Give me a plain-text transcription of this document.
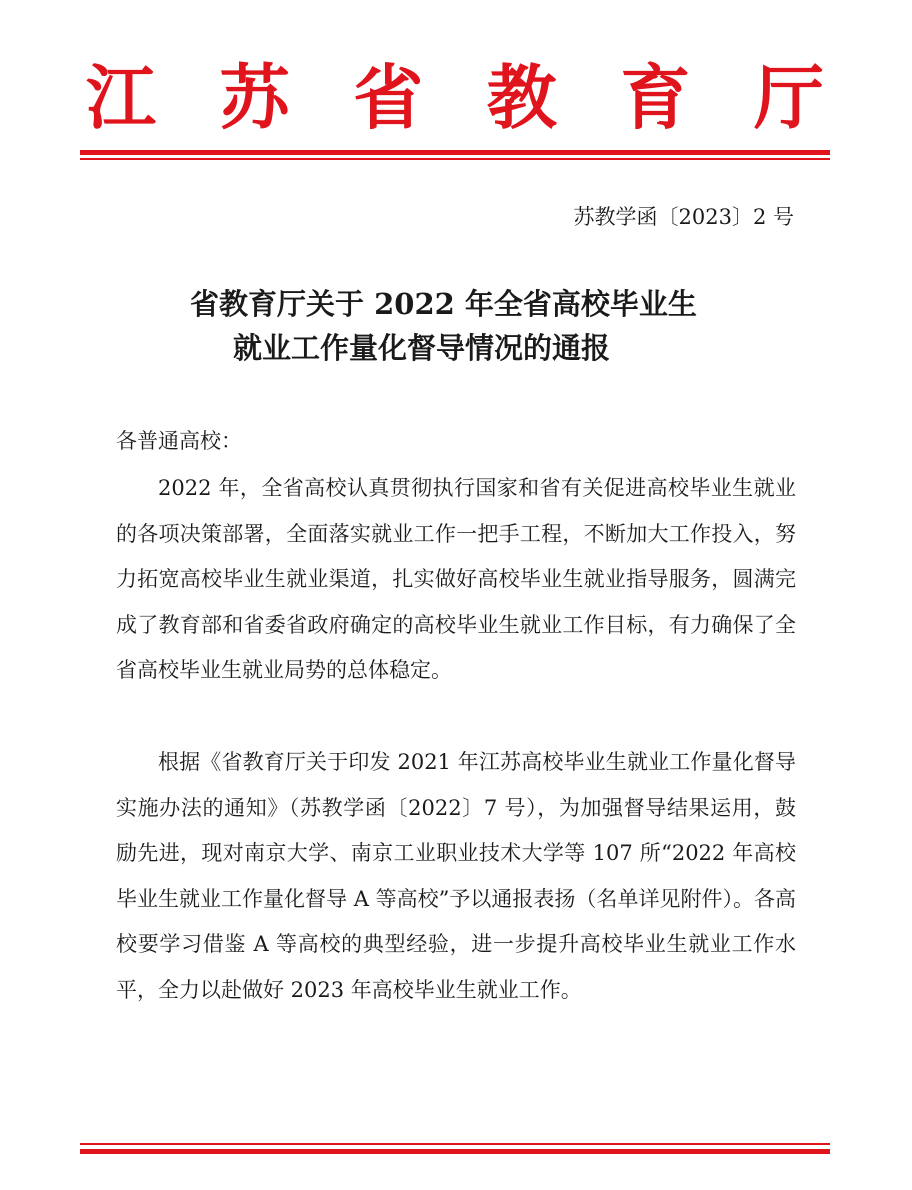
江 苏 省 教 育 厅
苏教学函〔2023〕2 号
省教育厅关于 2022 年全省高校毕业生
就业工作量化督导情况的通报
各普通高校：

2022 年，全省高校认真贯彻执行国家和省有关促进高校毕业生就业的各项决策部署，全面落实就业工作一把手工程，不断加大工作投入，努力拓宽高校毕业生就业渠道，扎实做好高校毕业生就业指导服务，圆满完成了教育部和省委省政府确定的高校毕业生就业工作目标，有力确保了全省高校毕业生就业局势的总体稳定。

根据《省教育厅关于印发 2021 年江苏高校毕业生就业工作量化督导实施办法的通知》（苏教学函〔2022〕7 号），为加强督导结果运用，鼓励先进，现对南京大学、南京工业职业技术大学等 107 所“2022 年高校毕业生就业工作量化督导 A 等高校”予以通报表扬（名单详见附件）。各高校要学习借鉴 A 等高校的典型经验，进一步提升高校毕业生就业工作水平，全力以赴做好 2023 年高校毕业生就业工作。
